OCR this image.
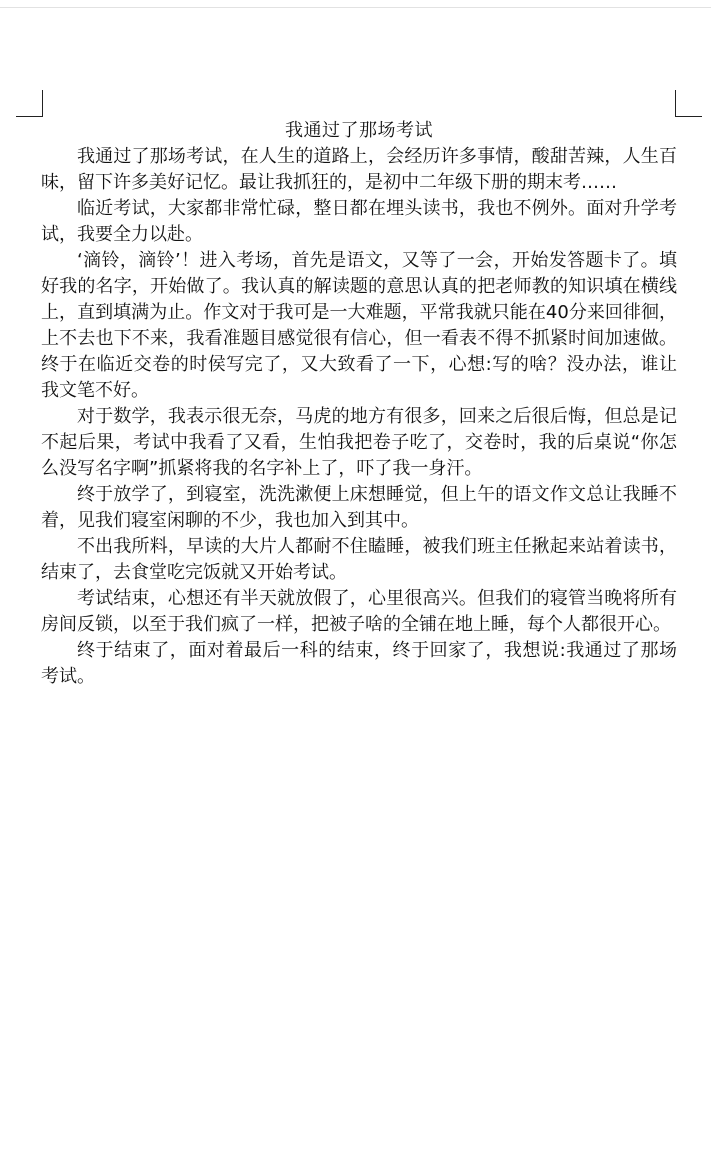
我通过了那场考试

我通过了那场考试，在人生的道路上，会经历许多事情，酸甜苦辣，人生百味，留下许多美好记忆。最让我抓狂的，是初中二年级下册的期末考……

临近考试，大家都非常忙碌，整日都在埋头读书，我也不例外。面对升学考试，我要全力以赴。

‘滴铃，滴铃’！进入考场，首先是语文，又等了一会，开始发答题卡了。填好我的名字，开始做了。我认真的解读题的意思认真的把老师教的知识填在横线上，直到填满为止。作文对于我可是一大难题，平常我就只能在40分来回徘徊，上不去也下不来，我看准题目感觉很有信心，但一看表不得不抓紧时间加速做。终于在临近交卷的时侯写完了，又大致看了一下，心想:写的啥？没办法，谁让我文笔不好。

对于数学，我表示很无奈，马虎的地方有很多，回来之后很后悔，但总是记不起后果，考试中我看了又看，生怕我把卷子吃了，交卷时，我的后桌说“你怎么没写名字啊”抓紧将我的名字补上了，吓了我一身汗。

终于放学了，到寝室，洗洗漱便上床想睡觉，但上午的语文作文总让我睡不着，见我们寝室闲聊的不少，我也加入到其中。

不出我所料，早读的大片人都耐不住瞌睡，被我们班主任揪起来站着读书，结束了，去食堂吃完饭就又开始考试。

考试结束，心想还有半天就放假了，心里很高兴。但我们的寝管当晚将所有房间反锁，以至于我们疯了一样，把被子啥的全铺在地上睡，每个人都很开心。

终于结束了，面对着最后一科的结束，终于回家了，我想说:我通过了那场考试。
